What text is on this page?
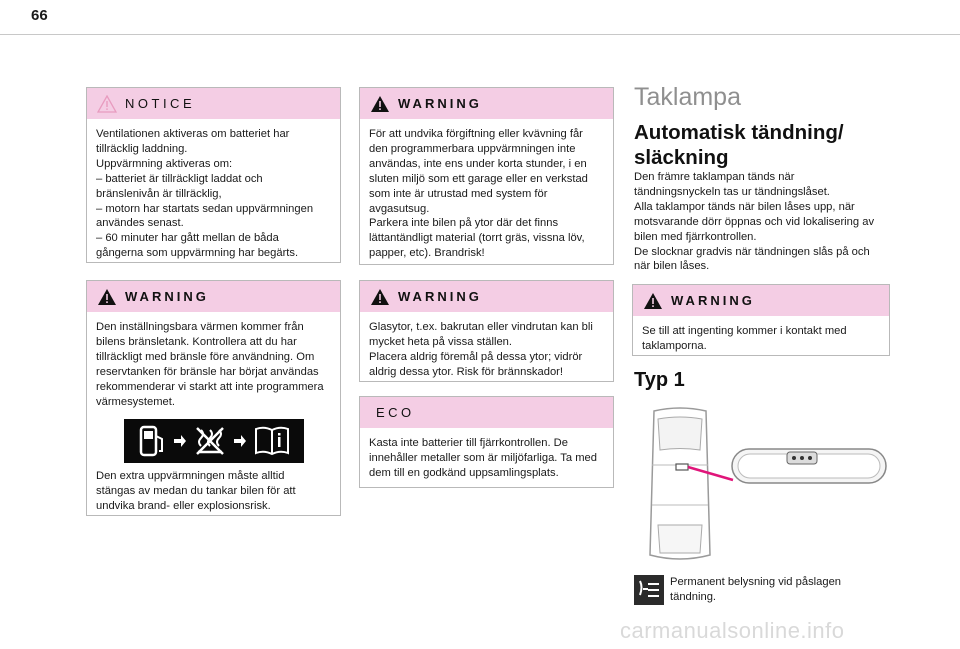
66
NOTICE

Ventilationen aktiveras om batteriet har
tillräcklig laddning.
Uppvärmning aktiveras om:
– batteriet är tillräckligt laddat och
bränslenivån är tillräcklig,
– motorn har startats sedan uppvärmningen
användes senast.
– 60 minuter har gått mellan de båda
gångerna som uppvärmning har begärts.

WARNING

Den inställningsbara värmen kommer från
bilens bränsletank. Kontrollera att du har
tillräckligt med bränsle före användning. Om
reservtanken för bränsle har börjat användas
rekommenderar vi starkt att inte programmera
värmesystemet.

Den extra uppvärmningen måste alltid
stängas av medan du tankar bilen för att
undvika brand- eller explosionsrisk.

WARNING

För att undvika förgiftning eller kvävning får
den programmerbara uppvärmningen inte
användas, inte ens under korta stunder, i en
sluten miljö som ett garage eller en verkstad
som inte är utrustad med system för
avgasutsug.
Parkera inte bilen på ytor där det finns
lättantändligt material (torrt gräs, vissna löv,
papper, etc). Brandrisk!

WARNING

Glasytor, t.ex. bakrutan eller vindrutan kan bli
mycket heta på vissa ställen.
Placera aldrig föremål på dessa ytor; vidrör
aldrig dessa ytor. Risk för brännskador!

ECO

Kasta inte batterier till fjärrkontrollen. De
innehåller metaller som är miljöfarliga. Ta med
dem till en godkänd uppsamlingsplats.

Taklampa
Automatisk tändning/
släckning
Den främre taklampan tänds när
tändningsnyckeln tas ur tändningslåset.
Alla taklampor tänds när bilen låses upp, när
motsvarande dörr öppnas och vid lokalisering av
bilen med fjärrkontrollen.
De slocknar gradvis när tändningen slås på och
när bilen låses.
WARNING

Se till att ingenting kommer i kontakt med
taklamporna.

Typ 1
Permanent belysning vid påslagen
tändning.
carmanualsonline.info
